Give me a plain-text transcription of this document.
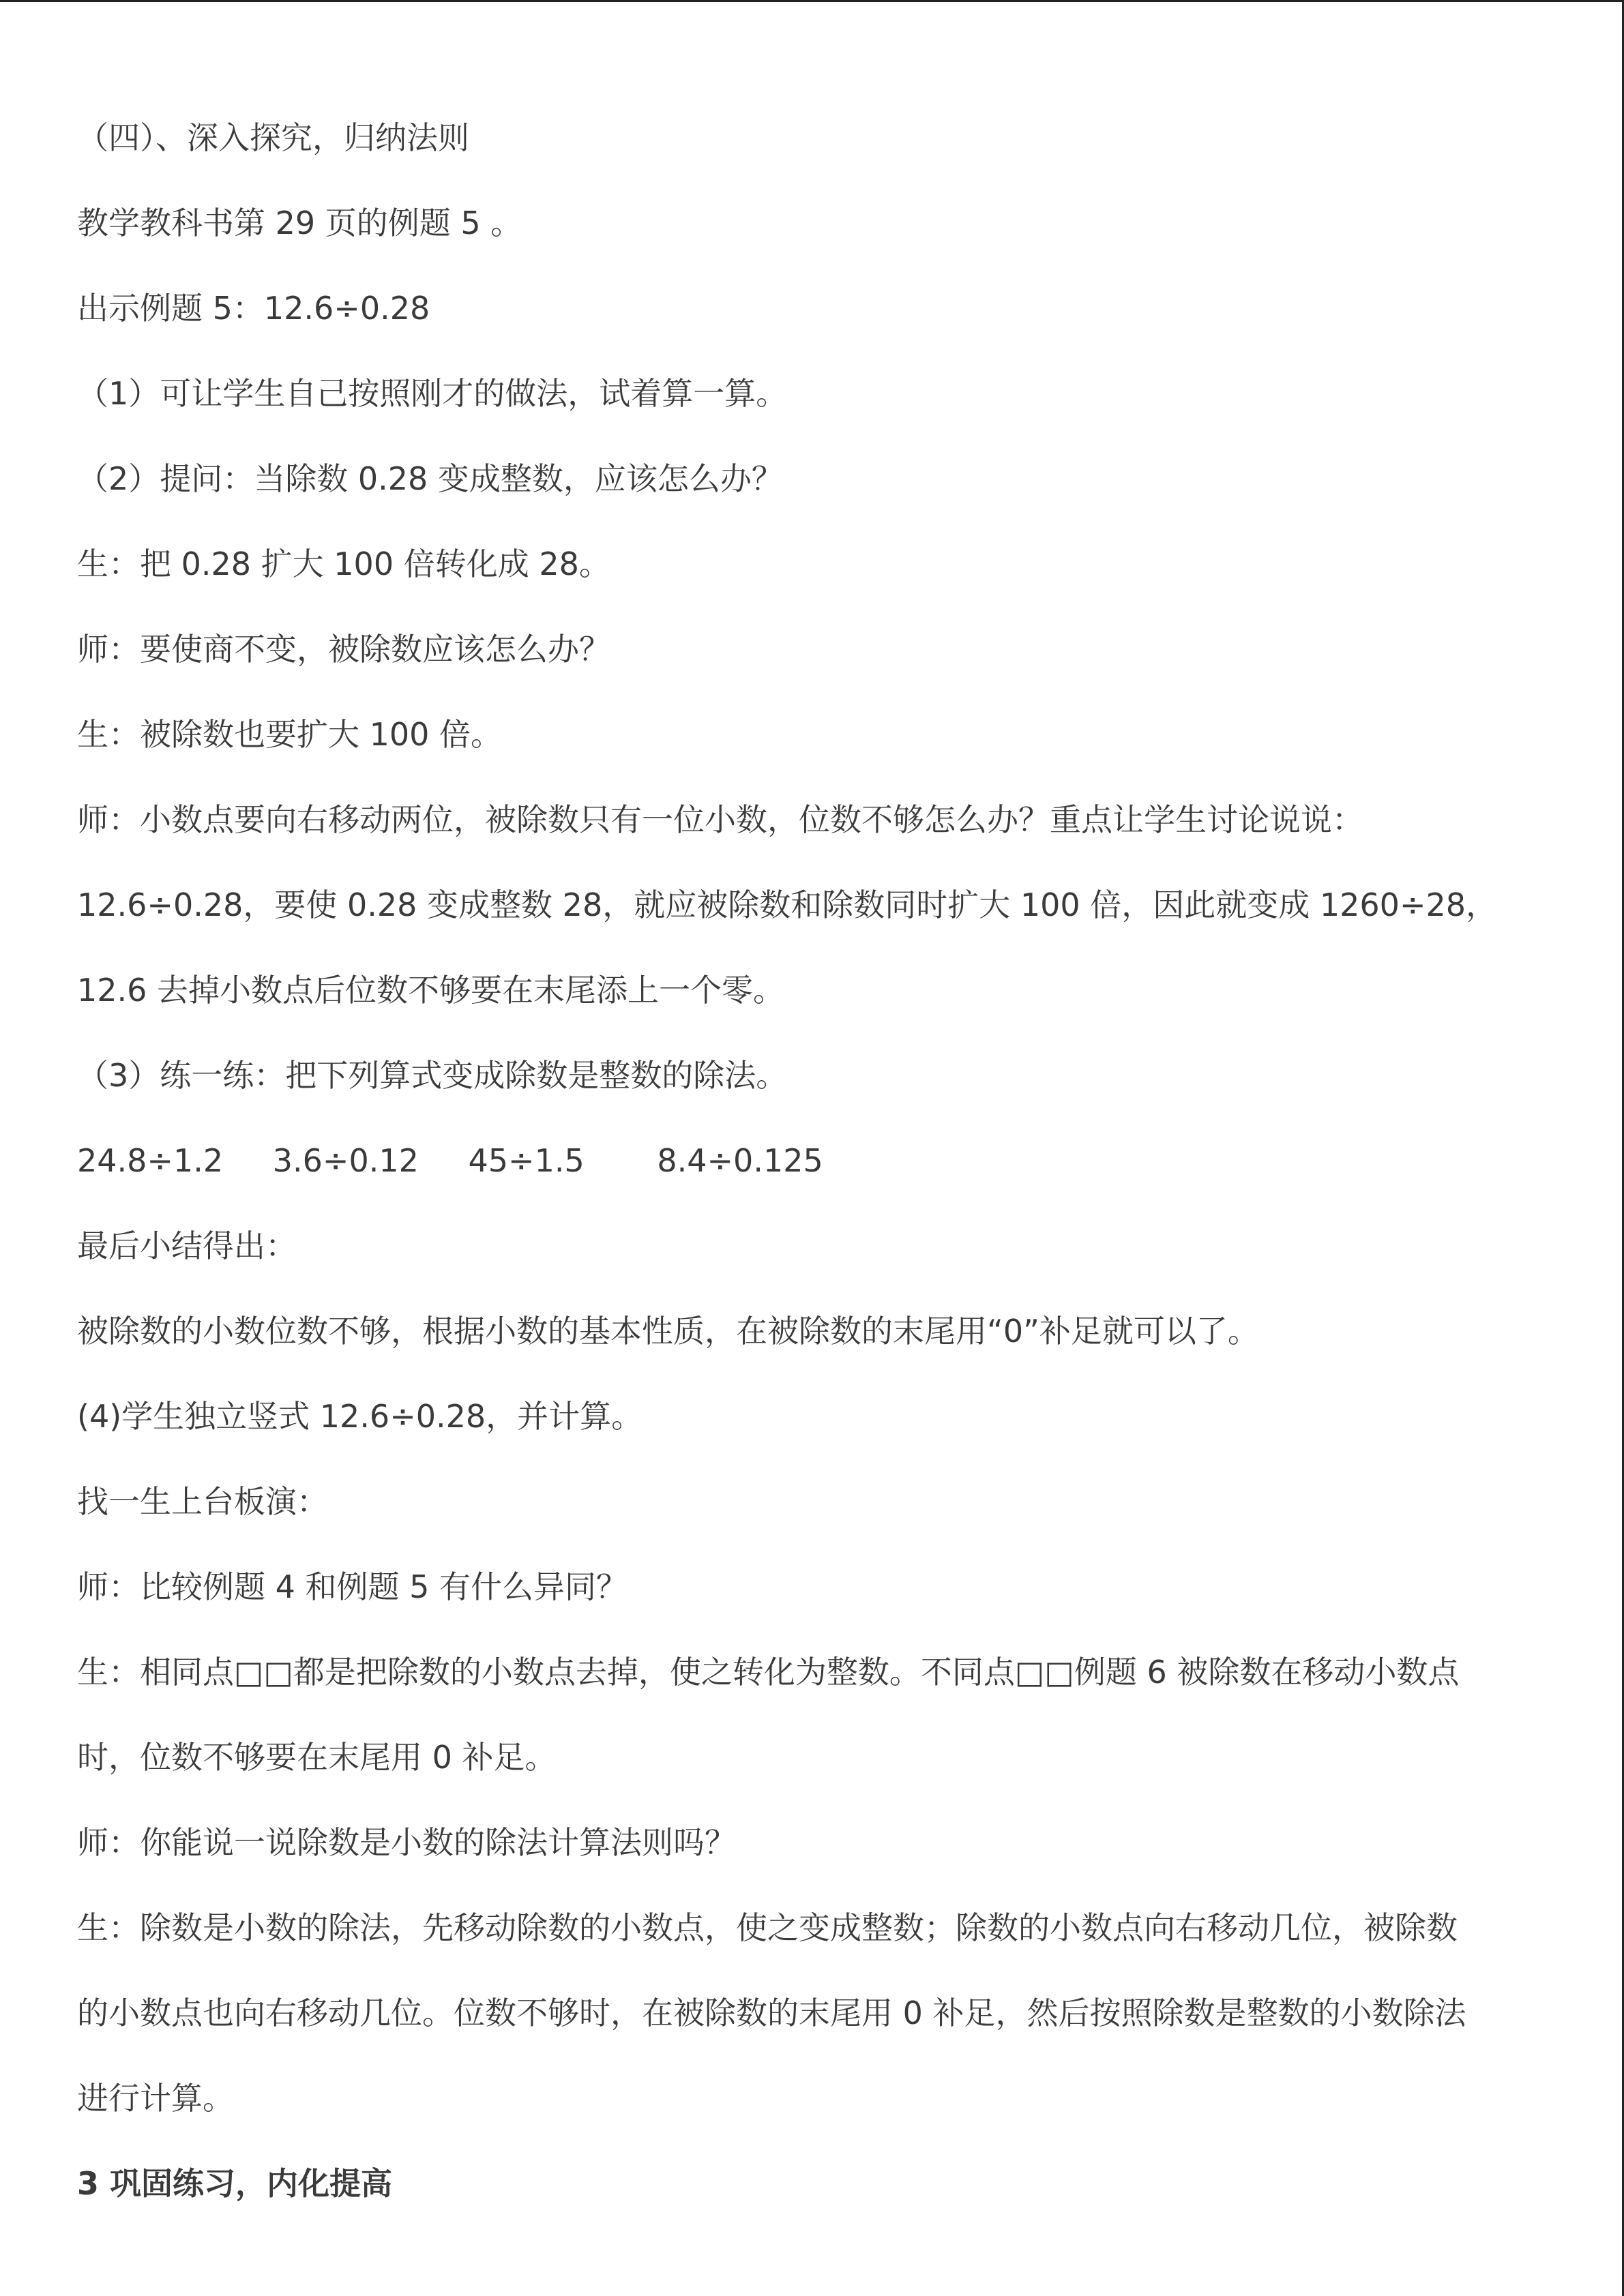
（四）、深入探究，归纳法则
教学教科书第 29 页的例题 5 。
出示例题 5：12.6÷0.28
（1）可让学生自己按照刚才的做法，试着算一算。
（2）提问：当除数 0.28 变成整数，应该怎么办？
生：把 0.28 扩大 100 倍转化成 28。
师：要使商不变，被除数应该怎么办？
生：被除数也要扩大 100 倍。
师：小数点要向右移动两位，被除数只有一位小数，位数不够怎么办？重点让学生讨论说说：
12.6÷0.28，要使 0.28 变成整数 28，就应被除数和除数同时扩大 100 倍，因此就变成 1260÷28，
12.6 去掉小数点后位数不够要在末尾添上一个零。
（3）练一练：把下列算式变成除数是整数的除法。
24.8÷1.2 3.6÷0.12 45÷1.5 8.4÷0.125
最后小结得出：
被除数的小数位数不够，根据小数的基本性质，在被除数的末尾用“0”补足就可以了。
(4)学生独立竖式 12.6÷0.28，并计算。
找一生上台板演：
师：比较例题 4 和例题 5 有什么异同？
生：相同点□□都是把除数的小数点去掉，使之转化为整数。不同点□□例题 6 被除数在移动小数点
时，位数不够要在末尾用 0 补足。
师：你能说一说除数是小数的除法计算法则吗？
生：除数是小数的除法，先移动除数的小数点，使之变成整数；除数的小数点向右移动几位，被除数
的小数点也向右移动几位。位数不够时，在被除数的末尾用 0 补足，然后按照除数是整数的小数除法
进行计算。
3 巩固练习，内化提高
